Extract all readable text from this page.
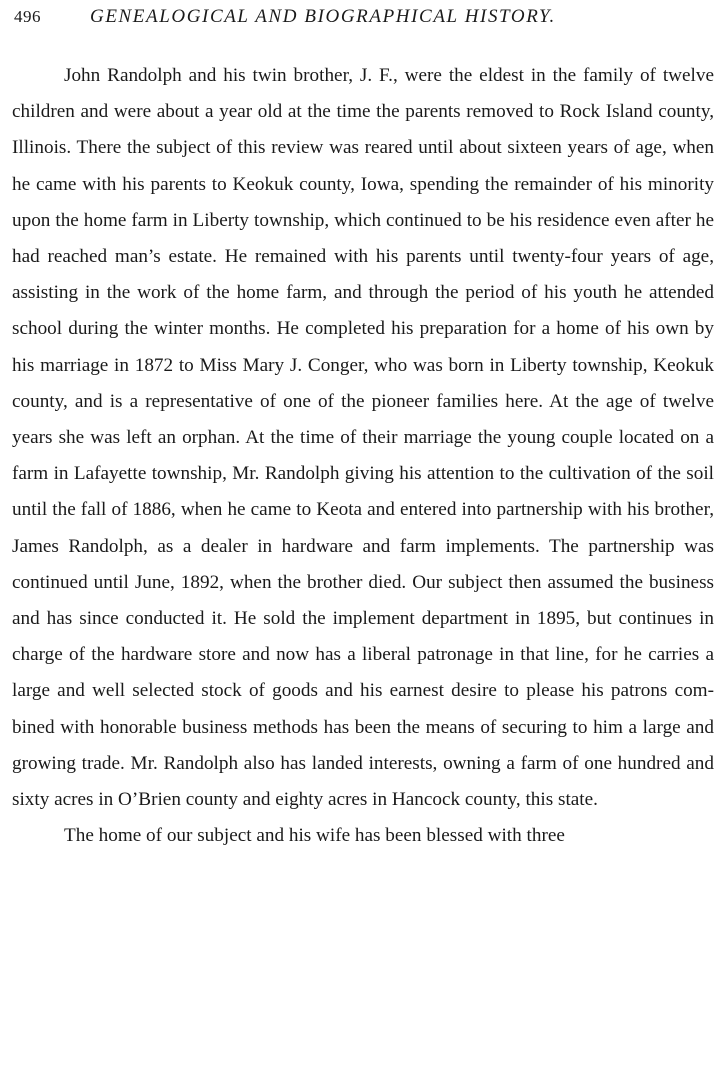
496	GENEALOGICAL AND BIOGRAPHICAL HISTORY.

John Randolph and his twin brother, J. F., were the eldest in the family of twelve children and were about a year old at the time the parents removed to Rock Island county, Illinois. There the subject of this review was reared until about sixteen years of age, when he came with his parents to Keokuk county, Iowa, spending the remainder of his minority upon the home farm in Liberty township, which continued to be his residence even after he had reached man’s estate. He remained with his parents until twenty-four years of age, assisting in the work of the home farm, and through the period of his youth he attended school during the winter months. He completed his preparation for a home of his own by his marriage in 1872 to Miss Mary J. Conger, who was born in Liberty township, Keokuk county, and is a representative of one of the pioneer families here. At the age of twelve years she was left an orphan. At the time of their marriage the young couple located on a farm in Lafayette township, Mr. Randolph giving his attention to the cultivation of the soil until the fall of 1886, when he came to Keota and entered into partnership with his brother, James Randolph, as a dealer in hardware and farm implements. The partnership was continued until June, 1892, when the brother died. Our subject then assumed the business and has since conducted it. He sold the implement department in 1895, but continues in charge of the hardware store and now has a liberal patronage in that line, for he carries a large and well selected stock of goods and his earnest desire to please his patrons combined with honorable business methods has been the means of securing to him a large and growing trade. Mr. Randolph also has landed interests, owning a farm of one hundred and sixty acres in O’Brien county and eighty acres in Hancock county, this state.

The home of our subject and his wife has been blessed with three
